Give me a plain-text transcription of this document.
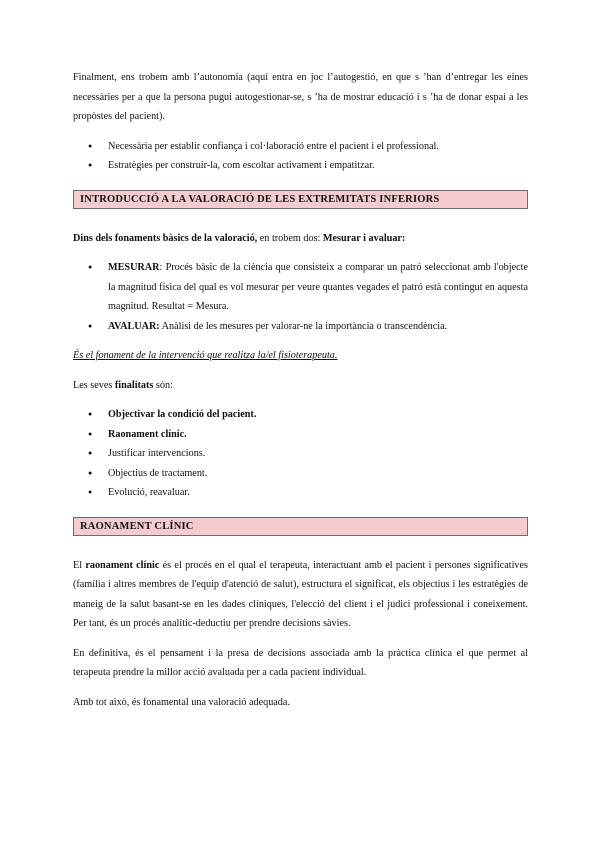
Finalment, ens trobem amb l’autonomia (aquí entra en joc l’autogestió, en que s ’han d’entregar les eines necessàries per a que la persona pugui autogestionar-se, s ’ha de mostrar educació i s ’ha de donar espai a les propòstes del pacient).

● Necessària per establir confiança i col·laboració entre el pacient i el professional.
● Estratègies per construir-la, com escoltar activament i empatitzar.
INTRODUCCIÓ A LA VALORACIÓ DE LES EXTREMITATS INFERIORS

Dins dels fonaments bàsics de la valoració, en trobem dos: Mesurar i avaluar:

● MESURAR: Procés bàsic de la ciència que consisteix a comparar un patró seleccionat amb l'objecte la magnitud física del qual es vol mesurar per veure quantes vegades el patró està contingut en aquesta magnitud. Resultat = Mesura.
● AVALUAR: Anàlisi de les mesures per valorar-ne la importància o transcendència.

És el fonament de la intervenció que realitza la/el fisioterapeuta.

Les seves finalitats són:

● Objectivar la condició del pacient.
● Raonament clínic.
● Justificar intervencions.
● Objectius de tractament.
● Evolució, reavaluar.
RAONAMENT CLÍNIC

El raonament clínic és el procés en el qual el terapeuta, interactuant amb el pacient i persones significatives (família i altres membres de l'equip d'atenció de salut), estructura el significat, els objectius i les estratègies de maneig de la salut basant-se en les dades clíniques, l'elecció del client i el judici professional i coneixement. Per tant, és un procés analític-deductiu per prendre decisions sàvies.

En definitiva, és el pensament i la presa de decisions associada amb la pràctica clínica el que permet al terapeuta prendre la millor acció avaluada per a cada pacient individual.

Amb tot això, és fonamental una valoració adequada.
